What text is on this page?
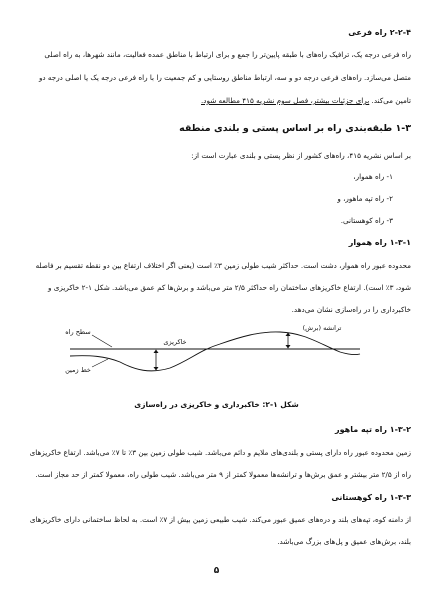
۲-۲-۴ راه فرعی
راه فرعی درجه یک، ترافیک راه‌های با طبقه پایین‌تر را جمع و برای ارتباط با مناطق عمده فعالیت، مانند شهرها، به راه اصلی
متصل می‌سازد. راه‌های فرعی درجه دو و سه، ارتباط مناطق روستایی و کم جمعیت را با راه فرعی درجه یک یا اصلی درجه دو
تامین می‌کند. برای جزئیات بیشتر، فصل سوم نشریه ۴۱۵ مطالعه شود.
۱-۳ طبقه‌بندی راه بر اساس پستی و بلندی منطقه
بر اساس نشریه ۴۱۵، راه‌های کشور از نظر پستی و بلندی عبارت است از:
۱- راه هموار،
۲- راه تپه ماهور، و
۳- راه کوهستانی.
۱-۳-۱ راه هموار
محدوده عبور راه هموار، دشت است. حداکثر شیب طولی زمین ۳٪ است (یعنی اگر اختلاف ارتفاع بین دو نقطه تقسیم بر فاصله
شود، ۳٪ است). ارتفاع خاکریزهای ساختمان راه حداکثر ۲/۵ متر می‌باشد و برش‌ها کم عمق می‌باشد. شکل ۱-۲ خاکریزی و
خاکبرداری را در راه‌سازی نشان می‌دهد.
خاکریزی
ترانشه (برش)
سطح راه
خط زمین
شکل ۱-۲: خاکبرداری و خاکریزی در راه‌سازی
۱-۳-۲ راه تپه ماهور
زمین محدوده عبور راه دارای پستی و بلندی‌های ملایم و دائم می‌باشد. شیب طولی زمین بین ۳٪ تا ۷٪ می‌باشد. ارتفاع خاکریزهای
راه از ۲/۵ متر بیشتر و عمق برش‌ها و ترانشه‌ها معمولا کمتر از ۹ متر می‌باشد. شیب طولی راه، معمولا کمتر از حد مجاز است.
۱-۳-۳ راه کوهستانی
از دامنه کوه، تپه‌های بلند و دره‌های عمیق عبور می‌کند. شیب طبیعی زمین بیش از ۷٪ است. به لحاظ ساختمانی دارای خاکریزهای
بلند، برش‌های عمیق و پل‌های بزرگ می‌باشد.
۵
